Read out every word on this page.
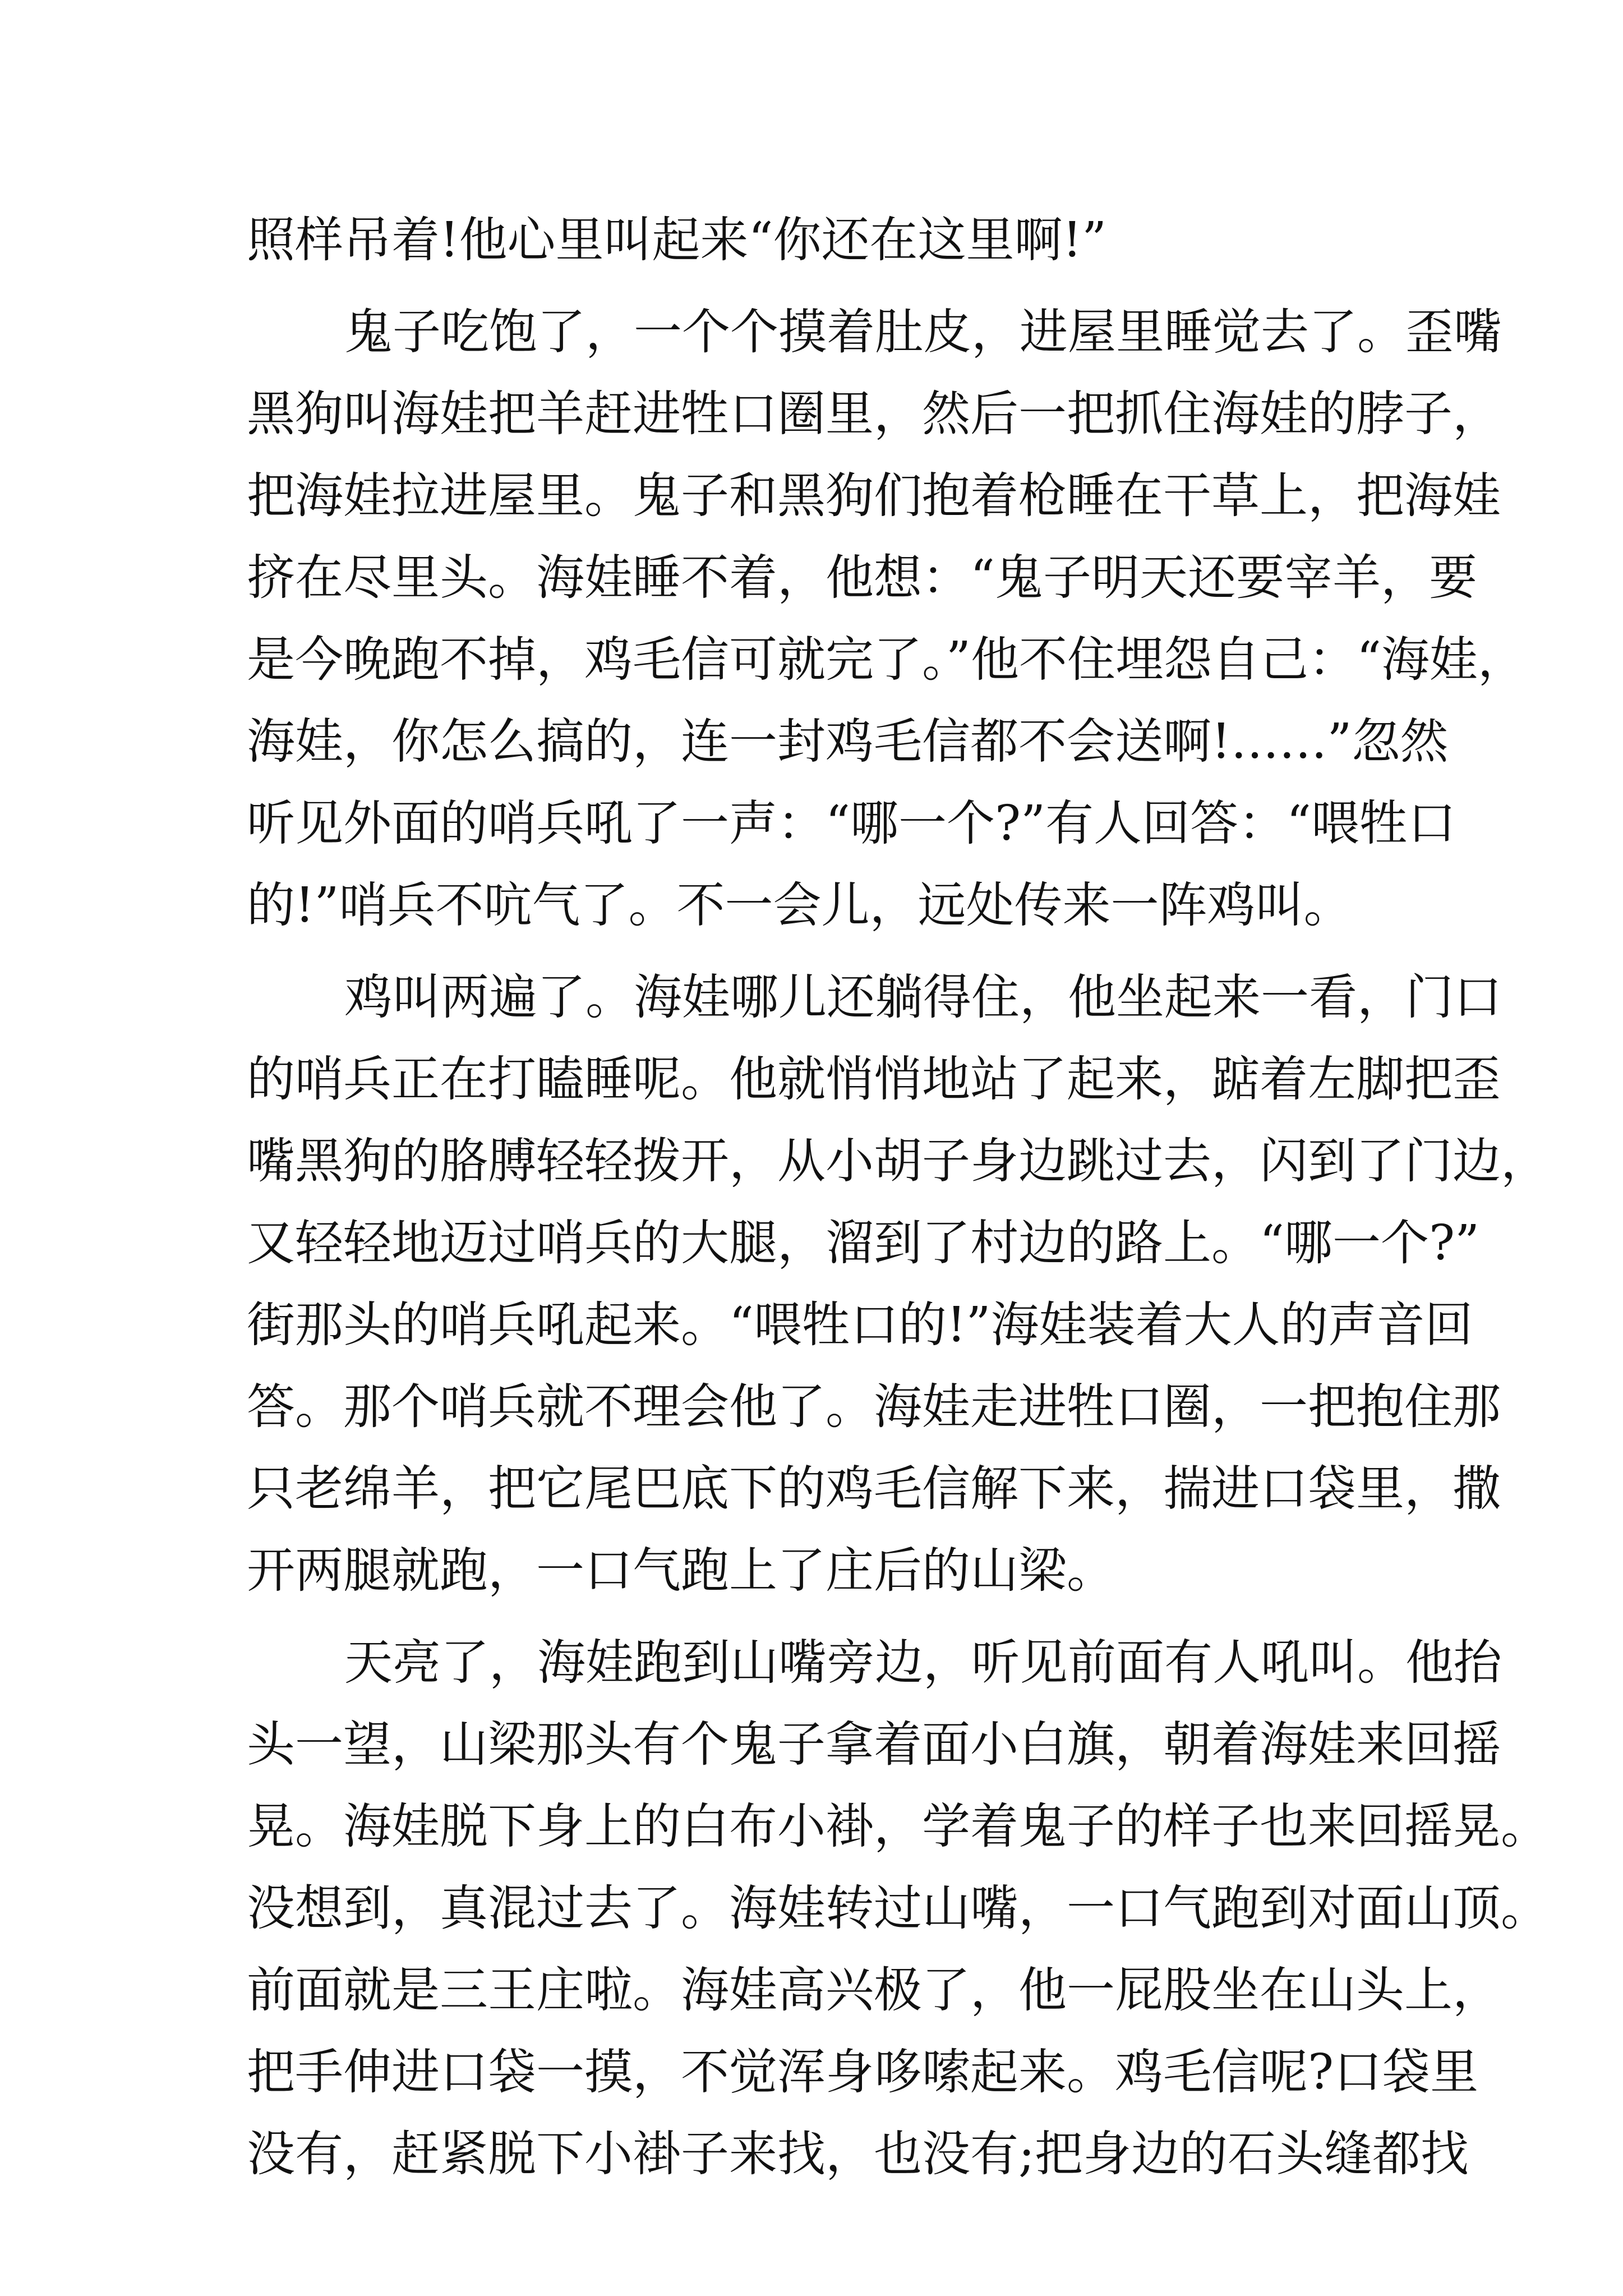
照样吊着!他心里叫起来“你还在这里啊!”
鬼子吃饱了，一个个摸着肚皮，进屋里睡觉去了。歪嘴
黑狗叫海娃把羊赶进牲口圈里，然后一把抓住海娃的脖子，
把海娃拉进屋里。鬼子和黑狗们抱着枪睡在干草上，把海娃
挤在尽里头。海娃睡不着，他想：“鬼子明天还要宰羊，要
是今晚跑不掉，鸡毛信可就完了。”他不住埋怨自己：“海娃，
海娃，你怎么搞的，连一封鸡毛信都不会送啊!……”忽然
听见外面的哨兵吼了一声：“哪一个?”有人回答：“喂牲口
的!”哨兵不吭气了。不一会儿，远处传来一阵鸡叫。
鸡叫两遍了。海娃哪儿还躺得住，他坐起来一看，门口
的哨兵正在打瞌睡呢。他就悄悄地站了起来，踮着左脚把歪
嘴黑狗的胳膊轻轻拨开，从小胡子身边跳过去，闪到了门边，
又轻轻地迈过哨兵的大腿，溜到了村边的路上。“哪一个?”
街那头的哨兵吼起来。“喂牲口的!”海娃装着大人的声音回
答。那个哨兵就不理会他了。海娃走进牲口圈，一把抱住那
只老绵羊，把它尾巴底下的鸡毛信解下来，揣进口袋里，撒
开两腿就跑，一口气跑上了庄后的山梁。
天亮了，海娃跑到山嘴旁边，听见前面有人吼叫。他抬
头一望，山梁那头有个鬼子拿着面小白旗，朝着海娃来回摇
晃。海娃脱下身上的白布小褂，学着鬼子的样子也来回摇晃。
没想到，真混过去了。海娃转过山嘴，一口气跑到对面山顶。
前面就是三王庄啦。海娃高兴极了，他一屁股坐在山头上，
把手伸进口袋一摸，不觉浑身哆嗦起来。鸡毛信呢?口袋里
没有，赶紧脱下小褂子来找，也没有;把身边的石头缝都找
